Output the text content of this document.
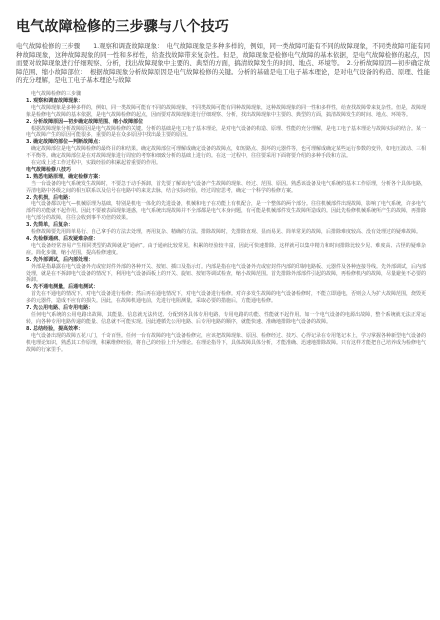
电气故障检修的三步骤与八个技巧

电气故障检修的三步骤　　1.观察和调查故障现象：　电气故障现象是多种多样的，例如，同一类故障可能有不同的故障现象，不同类故障可能有同种故障现象，这种故障现象的同一性和多样性，给查找故障带来复杂性。但是，故障现象是检修电气故障的基本依据，是电气故障检修的起点，因而要对故障现象进行仔细观察、分析，找出故障现象中主要的、典型的方面，搞清故障发生的时间、地点、环境等。　2.分析故障原因—初步确定故障范围、缩小故障部位：　根据故障现象分析故障原因是电气故障检修的关键。分析的基础是电工电子基本理论，是对电气设备的构造、原理、性能的充分理解，是电工电子基本理论与故障

电气故障检修的三步骤

1. 观察和调查故障现象：

电气故障现象是多种多样的，例如，同一类故障可能有不同的故障现象，不同类故障可能有同种故障现象，这种故障现象的同一性和多样性，给查找故障带来复杂性。但是，故障现象是检修电气故障的基本依据，是电气故障检修的起点，因而要对故障现象进行仔细观察、分析，找出故障现象中主要的、典型的方面，搞清故障发生的时间、地点、环境等。

2. 分析故障原因—初步确定故障范围、缩小故障部位

根据故障现象分析故障原因是电气故障检修的关键。分析的基础是电工电子基本理论，是对电气设备的构造、原理、性能的充分理解，是电工电子基本理论与故障实际的结合。某一电气故障产生的原因可能很多，重要的是在众多原因中找出最主要的原因。

3. 确定故障的部位—判断故障点：

确定故障部位是电气故障检修的最终目的和结果。确定故障部位可理解成确定设备的故障点，如短路点、损坏的元器件等，也可理解成确定某些运行参数的变异，如电压波动、三相不平衡等。确定故障部位是在对故障现象进行周密的考察和细致分析的基础上进行的。在这一过程中，往往要采用下面将要介绍的多种手段和方法。

在完成上述工作过程中，实践经验的积累起着重要的作用。

电气故障检修八技巧

1. 熟悉电路原理，确定检修方案：

当一台设备的电气系统发生故障时，不要急于动手拆卸，首先要了解该电气设备产生故障的现象、经过、范围、原因。熟悉该设备及电气系统的基本工作原理，分析各个具体电路，弄清电路中各级之间的相互联系以及信号在电路中的来龙去脉，结合实际经验，经过周密思考，确定一个科学的检修方案。

2. 先机损，后电路：

电气设备都以电气—机械原理为基础，特别是机电一体化的先进设备，机械和电子在功能上有机配合，是一个整体的两个部分。往往机械部件出现故障，影响了电气系统，许多电气部件的功能就不起作用。因此不要被表面现象迷惑，电气系统出现故障并不全部都是电气本身问题，有可能是机械部件发生故障所造成的。因此先检修机械系统所产生的故障，再排除电气部分的故障，往往会收到事半功倍的效果。

3. 先简单，后复杂：

检修故障要先用简单易行、自己拿手的方法去处理，再用复杂、精确的方法。排除故障时，先排除直观、显而易见、简单常见的故障，后排除难度较高、没有处理过的疑难故障。

4. 先检修通病、后攻疑难杂症：

电气设备经常容易产生相同类型的故障就是“通病”。由于通病比较常见，积累的经验较丰富，因此可快速排除，这样就可以集中精力和时间排除比较少见、难度高、古怪的疑难杂症。简化步骤，缩小范围，提高检修速度。

5. 先外部调试，后内部处理：

外部是指暴露在电气设备外壳或密封件外部的各种开关、按钮、插口及指示灯。内部是指在电气设备外壳或密封件内部的印制电路板、元器件及各种连接导线。先外部调试，后内部处理，就是在不拆卸电气设备的情况下，利用电气设备面板上的开关、旋钮、按钮等调试检查，缩小故障范围。首先排除外部部件引起的故障，再检修机内的故障，尽量避免不必要的拆卸。

6. 先不通电测量，后通电测试：

首先在不通电的情况下，对电气设备进行检修；然后再在通电情况下，对电气设备进行检修。对许多发生故障的电气设备检修时，不能立即通电，否则会人为扩大故障范围，烧毁更多的元器件，造成不应有的损失。因此，在故障机通电前，先进行电阻测量，采取必要的措施后，方能通电检修。

7. 先公用电路、后专用电路：

任何电气系统的公用电路出故障，其能量、信息就无法传送、分配到各具体专用电路，专用电路的功能、性能就不起作用。如一个电气设备的电源出故障，整个系统就无法正常运转，向各种专用电路传递的能量、信息就不可能实现。因此遵循先公用电路、后专用电路的顺序，就能快速、准确地排除电气设备的故障。

8. 总结经验，提高效率：

电气设备出现的故障五花八门，千奇百怪。任何一台有故障的电气设备检修完，应该把故障现象、原因、检修经过、技巧、心得记录在专用笔记本上，学习掌握各种新型电气设备的机电理论知识，熟悉其工作原理，积累维修经验，将自己的经验上升为理论。在理论指导下，具体故障具体分析，才能准确、迅速地排除故障。只有这样才能把自己培养成为检修电气故障的行家里手。
